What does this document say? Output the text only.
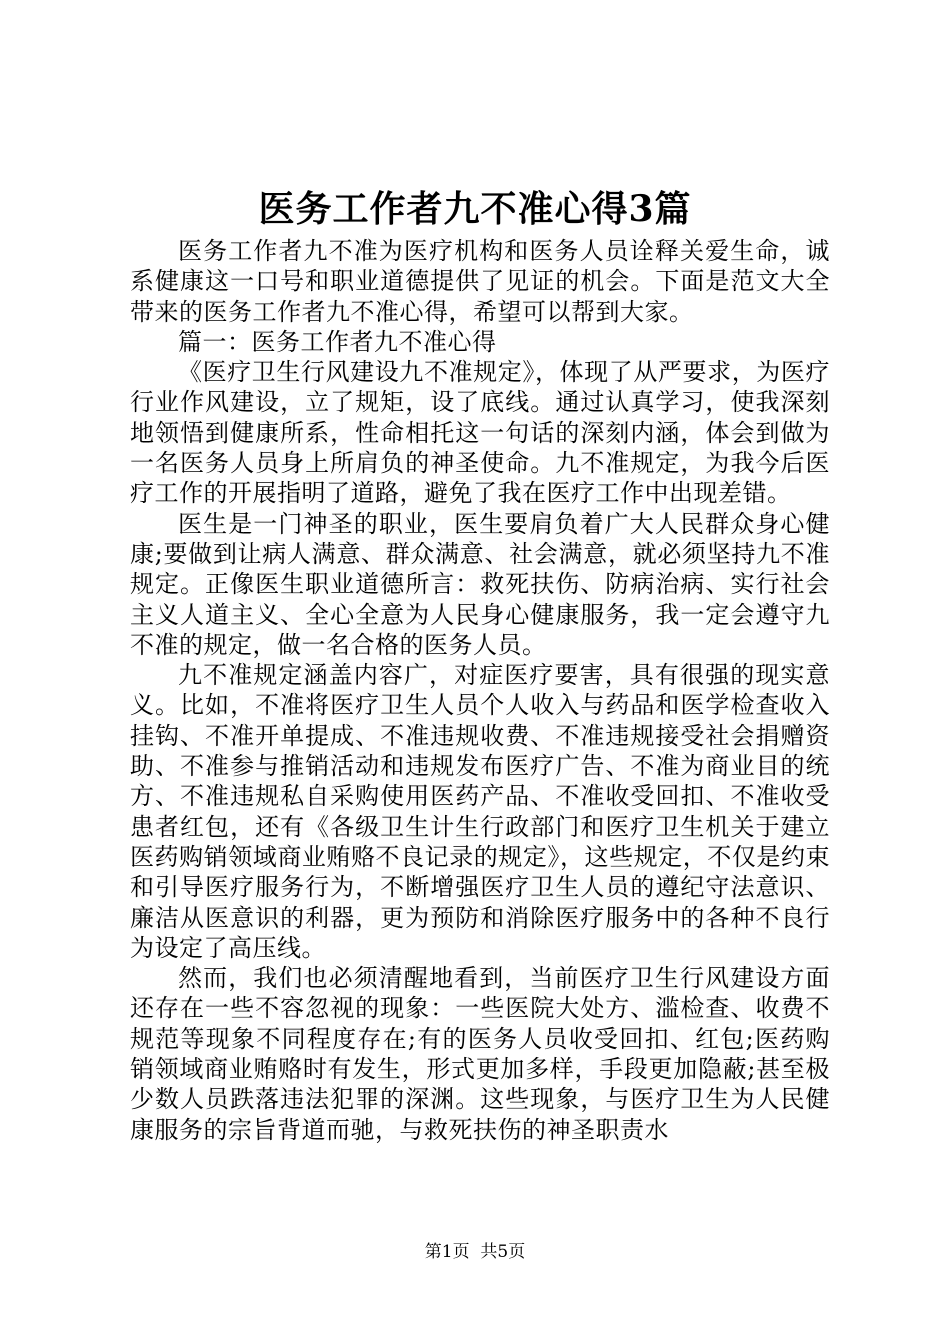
医务工作者九不准心得3篇

医务工作者九不准为医疗机构和医务人员诠释关爱生命，诚系健康这一口号和职业道德提供了见证的机会。下面是范文大全带来的医务工作者九不准心得，希望可以帮到大家。

篇一：医务工作者九不准心得

《医疗卫生行风建设九不准规定》，体现了从严要求，为医疗行业作风建设，立了规矩，设了底线。通过认真学习，使我深刻地领悟到健康所系，性命相托这一句话的深刻内涵，体会到做为一名医务人员身上所肩负的神圣使命。九不准规定，为我今后医疗工作的开展指明了道路，避免了我在医疗工作中出现差错。

医生是一门神圣的职业，医生要肩负着广大人民群众身心健康;要做到让病人满意、群众满意、社会满意，就必须坚持九不准规定。正像医生职业道德所言：救死扶伤、防病治病、实行社会主义人道主义、全心全意为人民身心健康服务，我一定会遵守九不准的规定，做一名合格的医务人员。

九不准规定涵盖内容广，对症医疗要害，具有很强的现实意义。比如，不准将医疗卫生人员个人收入与药品和医学检查收入挂钩、不准开单提成、不准违规收费、不准违规接受社会捐赠资助、不准参与推销活动和违规发布医疗广告、不准为商业目的统方、不准违规私自采购使用医药产品、不准收受回扣、不准收受患者红包，还有《各级卫生计生行政部门和医疗卫生机关于建立医药购销领域商业贿赂不良记录的规定》，这些规定，不仅是约束和引导医疗服务行为，不断增强医疗卫生人员的遵纪守法意识、廉洁从医意识的利器，更为预防和消除医疗服务中的各种不良行为设定了高压线。

然而，我们也必须清醒地看到，当前医疗卫生行风建设方面还存在一些不容忽视的现象：一些医院大处方、滥检查、收费不规范等现象不同程度存在;有的医务人员收受回扣、红包;医药购销领域商业贿赂时有发生，形式更加多样，手段更加隐蔽;甚至极少数人员跌落违法犯罪的深渊。这些现象，与医疗卫生为人民健康服务的宗旨背道而驰，与救死扶伤的神圣职责水

第1页 共5页
